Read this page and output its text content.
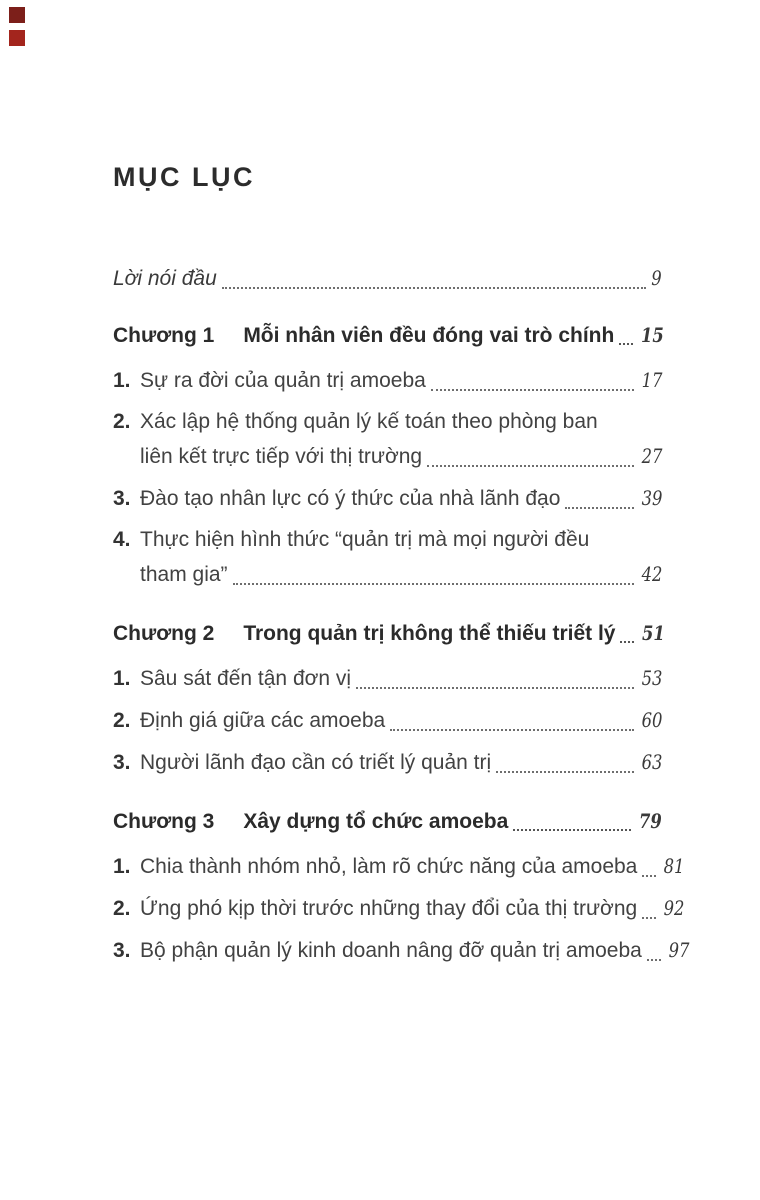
MỤC LỤC
Lời nói đầu	9
Chương 1 Mỗi nhân viên đều đóng vai trò chính 15
1. Sự ra đời của quản trị amoeba	17
2. Xác lập hệ thống quản lý kế toán theo phòng ban
liên kết trực tiếp với thị trường	27
3. Đào tạo nhân lực có ý thức của nhà lãnh đạo	39
4. Thực hiện hình thức “quản trị mà mọi người đều
tham gia”	42
Chương 2 Trong quản trị không thể thiếu triết lý 51
1. Sâu sát đến tận đơn vị	53
2. Định giá giữa các amoeba	60
3. Người lãnh đạo cần có triết lý quản trị	63
Chương 3 Xây dựng tổ chức amoeba	79
1. Chia thành nhóm nhỏ, làm rõ chức năng của amoeba 81
2. Ứng phó kịp thời trước những thay đổi của thị trường 92
3. Bộ phận quản lý kinh doanh nâng đỡ quản trị amoeba 97
